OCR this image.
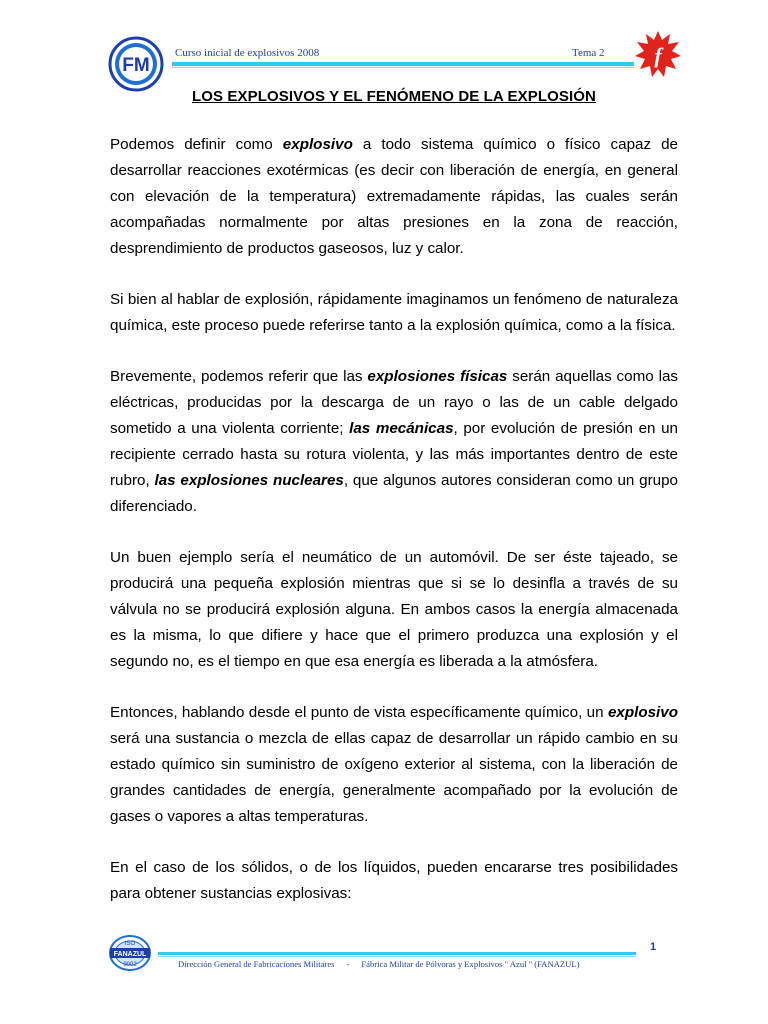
FM
Curso inicial de explosivos 2008	Tema 2 f
LOS EXPLOSIVOS Y EL FENÓMENO DE LA EXPLOSIÓN

Podemos definir como explosivo a todo sistema químico o físico capaz de desarrollar reacciones exotérmicas (es decir con liberación de energía, en general con elevación de la temperatura) extremadamente rápidas, las cuales serán acompañadas normalmente por altas presiones en la zona de reacción, desprendimiento de productos gaseosos, luz y calor.

Si bien al hablar de explosión, rápidamente imaginamos un fenómeno de naturaleza química, este proceso puede referirse tanto a la explosión química, como a la física.

Brevemente, podemos referir que las explosiones físicas serán aquellas como las eléctricas, producidas por la descarga de un rayo o las de un cable delgado sometido a una violenta corriente; las mecánicas, por evolución de presión en un recipiente cerrado hasta su rotura violenta, y las más importantes dentro de este rubro, las explosiones nucleares, que algunos autores consideran como un grupo diferenciado.

Un buen ejemplo sería el neumático de un automóvil. De ser éste tajeado, se producirá una pequeña explosión mientras que si se lo desinfla a través de su válvula no se producirá explosión alguna. En ambos casos la energía almacenada es la misma, lo que difiere y hace que el primero produzca una explosión y el segundo no, es el tiempo en que esa energía es liberada a la atmósfera.

Entonces, hablando desde el punto de vista específicamente químico, un explosivo será una sustancia o mezcla de ellas capaz de desarrollar un rápido cambio en su estado químico sin suministro de oxígeno exterior al sistema, con la liberación de grandes cantidades de energía, generalmente acompañado por la evolución de gases o vapores a altas temperaturas.

En el caso de los sólidos, o de los líquidos, pueden encararse tres posibilidades para obtener sustancias explosivas:

ISO
FANAZUL
9002
1
Dirección General de Fabricaciones Militares - Fábrica Militar de Pólvoras y Explosivos " Azul " (FANAZUL)
